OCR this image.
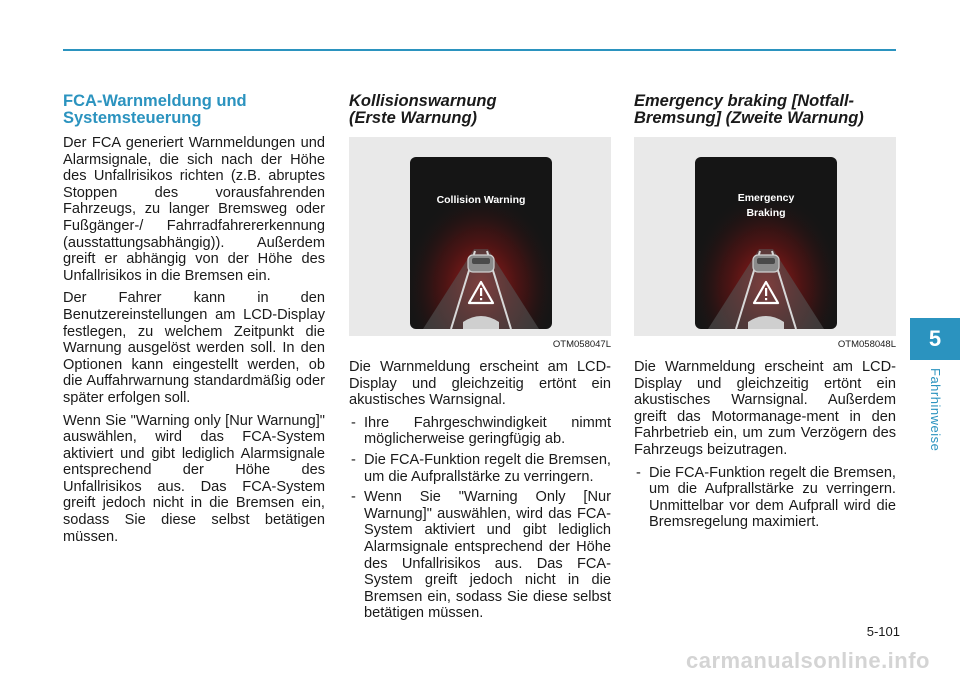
FCA-Warnmeldung und Systemsteuerung

Der FCA generiert Warnmeldungen und Alarmsignale, die sich nach der Höhe des Unfallrisikos richten (z.B. abruptes Stoppen des vorausfahrenden Fahrzeugs, zu langer Bremsweg oder Fußgänger-/ Fahrradfahrererkennung (ausstattungsabhängig)). Außerdem greift er abhängig von der Höhe des Unfallrisikos in die Bremsen ein.

Der Fahrer kann in den Benutzereinstellungen am LCD-Display festlegen, zu welchem Zeitpunkt die Warnung ausgelöst werden soll. In den Optionen kann eingestellt werden, ob die Auffahrwarnung standardmäßig oder später erfolgen soll.

Wenn Sie "Warning only [Nur Warnung]" auswählen, wird das FCA-System aktiviert und gibt lediglich Alarmsignale entsprechend der Höhe des Unfallrisikos aus. Das FCA-System greift jedoch nicht in die Bremsen ein, sodass Sie diese selbst betätigen müssen.

Kollisionswarnung
(Erste Warnung)
Collision Warning
OTM058047L

Die Warnmeldung erscheint am LCD-Display und gleichzeitig ertönt ein akustisches Warnsignal.

- Ihre Fahrgeschwindigkeit nimmt möglicherweise geringfügig ab.
- Die FCA-Funktion regelt die Bremsen, um die Aufprallstärke zu verringern.
- Wenn Sie "Warning Only [Nur Warnung]" auswählen, wird das FCA-System aktiviert und gibt lediglich Alarmsignale entsprechend der Höhe des Unfallrisikos aus. Das FCA-System greift jedoch nicht in die Bremsen ein, sodass Sie diese selbst betätigen müssen.
Emergency braking [Notfall-
Bremsung] (Zweite Warnung)
Emergency
Braking
OTM058048L

Die Warnmeldung erscheint am LCD-Display und gleichzeitig ertönt ein akustisches Warnsignal. Außerdem greift das Motormanage-ment in den Fahrbetrieb ein, um zum Verzögern des Fahrzeugs beizutragen.

- Die FCA-Funktion regelt die Bremsen, um die Aufprallstärke zu verringern. Unmittelbar vor dem Aufprall wird die Bremsregelung maximiert.
5
Fahrhinweise
5-101
carmanualsonline.info
